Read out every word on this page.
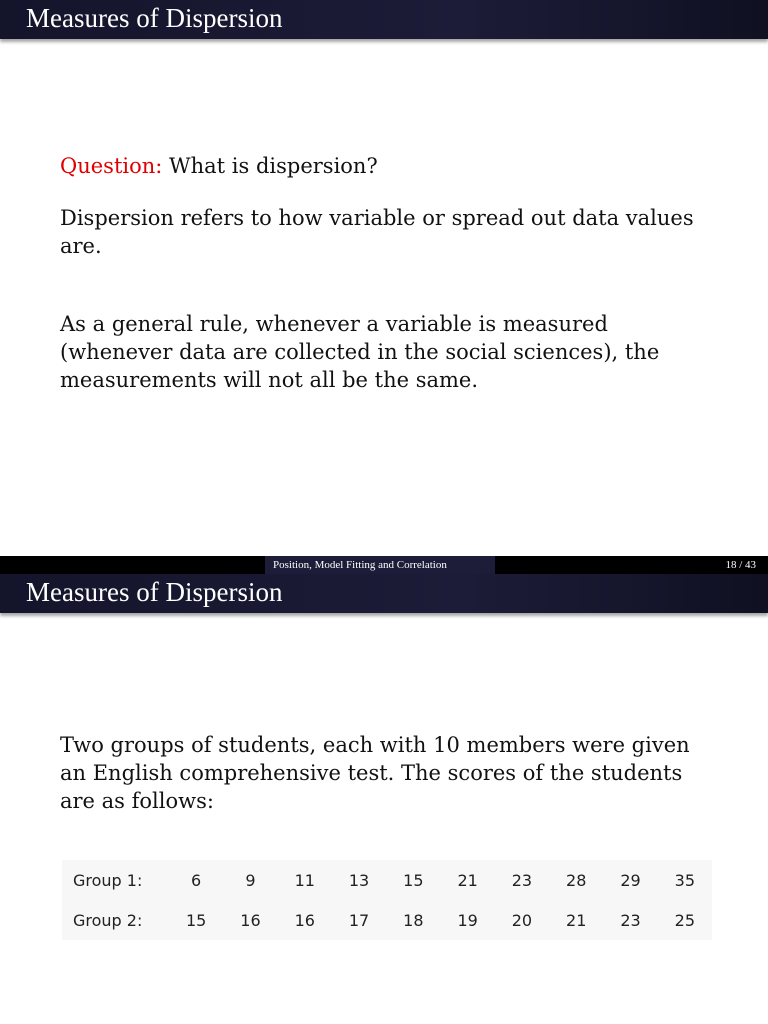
Measures of Dispersion
Question: What is dispersion?
Dispersion refers to how variable or spread out data values are.
As a general rule, whenever a variable is measured (whenever data are collected in the social sciences), the measurements will not all be the same.
Position, Model Fitting and Correlation	18 / 43
Measures of Dispersion
Two groups of students, each with 10 members were given an English comprehensive test. The scores of the students are as follows:
Group 1:	6	9	11	13	15	21	23	28	29	35
Group 2:	15	16	16	17	18	19	20	21	23	25
